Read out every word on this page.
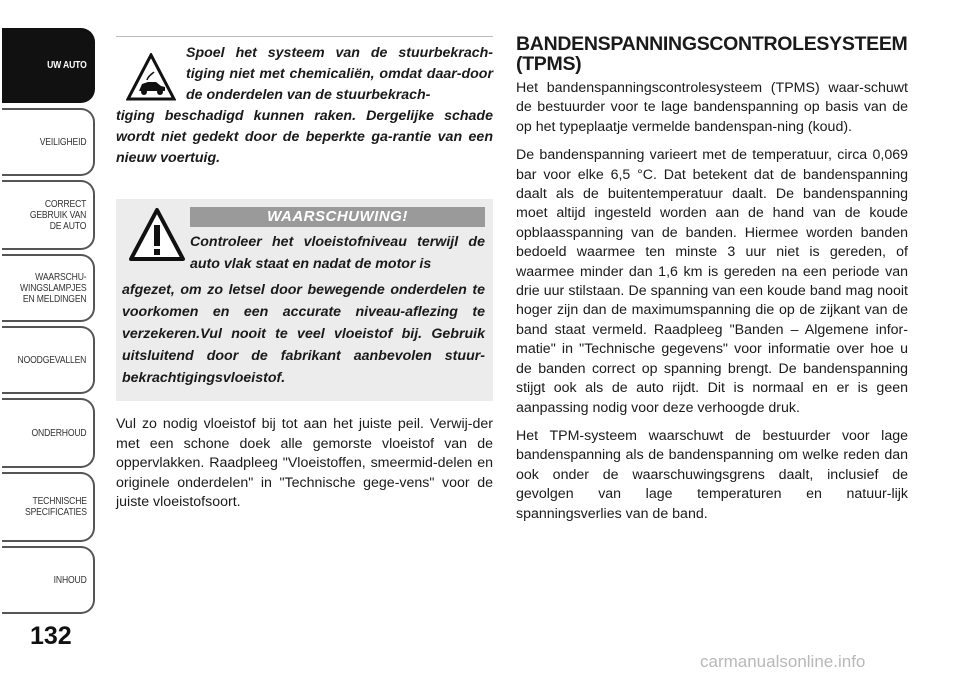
UW AUTO
VEILIGHEID
CORRECT
GEBRUIK VAN
DE AUTO
WAARSCHU-
WINGSLAMPJES
EN MELDINGEN
NOODGEVALLEN
ONDERHOUD
TECHNISCHE
SPECIFICATIES
INHOUD
132

Spoel het systeem van de stuurbekrach-tiging niet met chemicaliën, omdat daar-door de onderdelen van de stuurbekrach-

tiging beschadigd kunnen raken. Dergelijke schade wordt niet gedekt door de beperkte ga-rantie van een nieuw voertuig.

WAARSCHUWING!

Controleer het vloeistofniveau terwijl de auto vlak staat en nadat de motor is

afgezet, om zo letsel door bewegende onderdelen te voorkomen en een accurate niveau-aflezing te verzekeren.Vul nooit te veel vloeistof bij. Gebruik uitsluitend door de fabrikant aanbevolen stuur-bekrachtigingsvloeistof.

Vul zo nodig vloeistof bij tot aan het juiste peil. Verwij-der met een schone doek alle gemorste vloeistof van de oppervlakken. Raadpleeg "Vloeistoffen, smeermid-delen en originele onderdelen" in "Technische gege-vens" voor de juiste vloeistofsoort.

BANDENSPANNINGSCONTROLESYSTEEM (TPMS)

Het bandenspanningscontrolesysteem (TPMS) waar-schuwt de bestuurder voor te lage bandenspanning op basis van de op het typeplaatje vermelde bandenspan-ning (koud).

De bandenspanning varieert met de temperatuur, circa 0,069 bar voor elke 6,5 °C. Dat betekent dat de bandenspanning daalt als de buitentemperatuur daalt. De bandenspanning moet altijd ingesteld worden aan de hand van de koude opblaasspanning van de banden. Hiermee worden banden bedoeld waarmee ten minste 3 uur niet is gereden, of waarmee minder dan 1,6 km is gereden na een periode van drie uur stilstaan. De spanning van een koude band mag nooit hoger zijn dan de maximumspanning die op de zijkant van de band staat vermeld. Raadpleeg "Banden – Algemene infor-matie" in "Technische gegevens" voor informatie over hoe u de banden correct op spanning brengt. De bandenspanning stijgt ook als de auto rijdt. Dit is normaal en er is geen aanpassing nodig voor deze verhoogde druk.

Het TPM-systeem waarschuwt de bestuurder voor lage bandenspanning als de bandenspanning om welke reden dan ook onder de waarschuwingsgrens daalt, inclusief de gevolgen van lage temperaturen en natuur-lijk spanningsverlies van de band.

carmanualsonline.info
